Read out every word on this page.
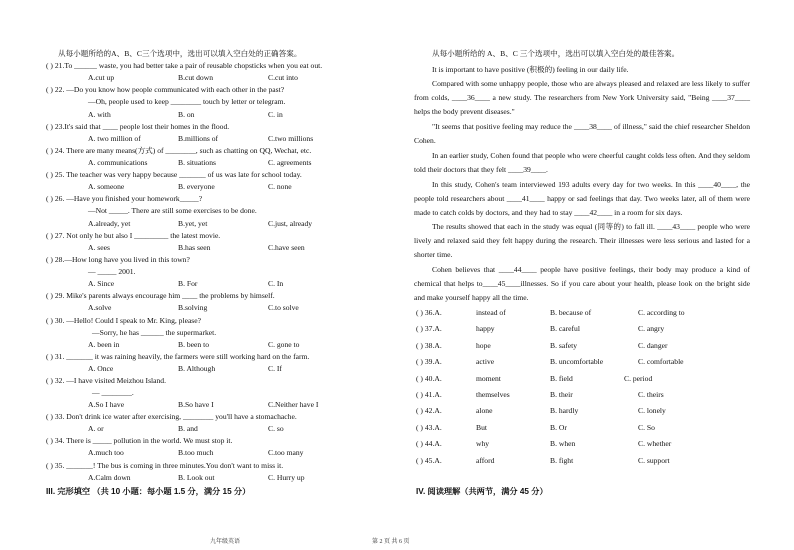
从每小题所给的A、B、C三个选项中，选出可以填入空白处的正确答案。
( ) 21.To ______ waste, you had better take a pair of reusable chopsticks when you eat out.
A.cut up	B.cut down	C.cut into
( ) 22. —Do you know how people communicated with each other in the past?
—Oh, people used to keep ________ touch by letter or telegram.
A. with	B. on	C. in
( ) 23.It's said that ____ people lost their homes in the flood.
A. two million of	B.millions of	C.two millions
( ) 24. There are many means(方式) of ________, such as chatting on QQ, Wechat, etc.
A. communications	B. situations	C. agreements
( ) 25. The teacher was very happy because _______ of us was late for school today.
A. someone	B. everyone	C. none
( ) 26. —Have you finished your homework_____?
—Not _____. There are still some exercises to be done.
A.already, yet	B.yet, yet	C.just, already
( ) 27. Not only he but also I _________ the latest movie.
A. sees	B.has seen	C.have seen
( ) 28.—How long have you lived in this town?
— _____ 2001.
A. Since	B. For	C. In
( ) 29. Mike's parents always encourage him ____ the problems by himself.
A.solve	B.solving	C.to solve
( ) 30. —Hello! Could I speak to Mr. King, please?
—Sorry, he has ______ the supermarket.
A. been in	B. been to	C. gone to
( ) 31. _______ it was raining heavily, the farmers were still working hard on the farm.
A. Once	B. Although	C. If
( ) 32. —I have visited Meizhou Island.
— ________.
A.So I have	B.So have I	C.Neither have I
( ) 33. Don't drink ice water after exercising, ________ you'll have a stomachache.
A. or	B. and	C. so
( ) 34. There is _____ pollution in the world. We must stop it.
A.much too	B.too much	C.too many
( ) 35. _______! The bus is coming in three minutes.You don't want to miss it.
A.Calm down	B. Look out	C. Hurry up
III. 完形填空 （共 10 小题：每小题 1.5 分，满分 15 分）
九年级英语
从每小题所给的 A、B、C 三个选项中，选出可以填入空白处的最佳答案。
It is important to have positive (积极的) feeling in our daily life.
Compared with some unhappy people, those who are always pleased and relaxed are less likely to suffer from colds, ____36____ a new study. The researchers from New York University said, "Being ____37____ helps the body prevent diseases."
"It seems that positive feeling may reduce the ____38____ of illness," said the chief researcher Sheldon Cohen.
In an earlier study, Cohen found that people who were cheerful caught colds less often. And they seldom told their doctors that they felt ____39____.
In this study, Cohen's team interviewed 193 adults every day for two weeks. In this ____40____, the people told researchers about ____41____ happy or sad feelings that day. Two weeks later, all of them were made to catch colds by doctors, and they had to stay ____42____ in a room for six days.
The results showed that each in the study was equal (同等的) to fall ill. ____43____ people who were lively and relaxed said they felt happy during the research. Their illnesses were less serious and lasted for a shorter time.
Cohen believes that ____44____ people have positive feelings, their body may produce a kind of chemical that helps to____45____illnesses. So if you care about your health, please look on the bright side and make yourself happy all the time.
( ) 36.A.	instead of	B. because of	C. according to
( ) 37.A.	happy	B. careful	C. angry
( ) 38.A.	hope	B. safety	C. danger
( ) 39.A.	active	B. uncomfortable	C. comfortable
( ) 40.A.	moment	B. field	C. period
( ) 41.A.	themselves	B. their	C. theirs
( ) 42.A.	alone	B. hardly	C. lonely
( ) 43.A.	But	B. Or	C. So
( ) 44.A.	why	B. when	C. whether
( ) 45.A.	afford	B. fight	C. support
IV. 阅读理解（共两节，满分 45 分）
第 2 页 共 6 页
